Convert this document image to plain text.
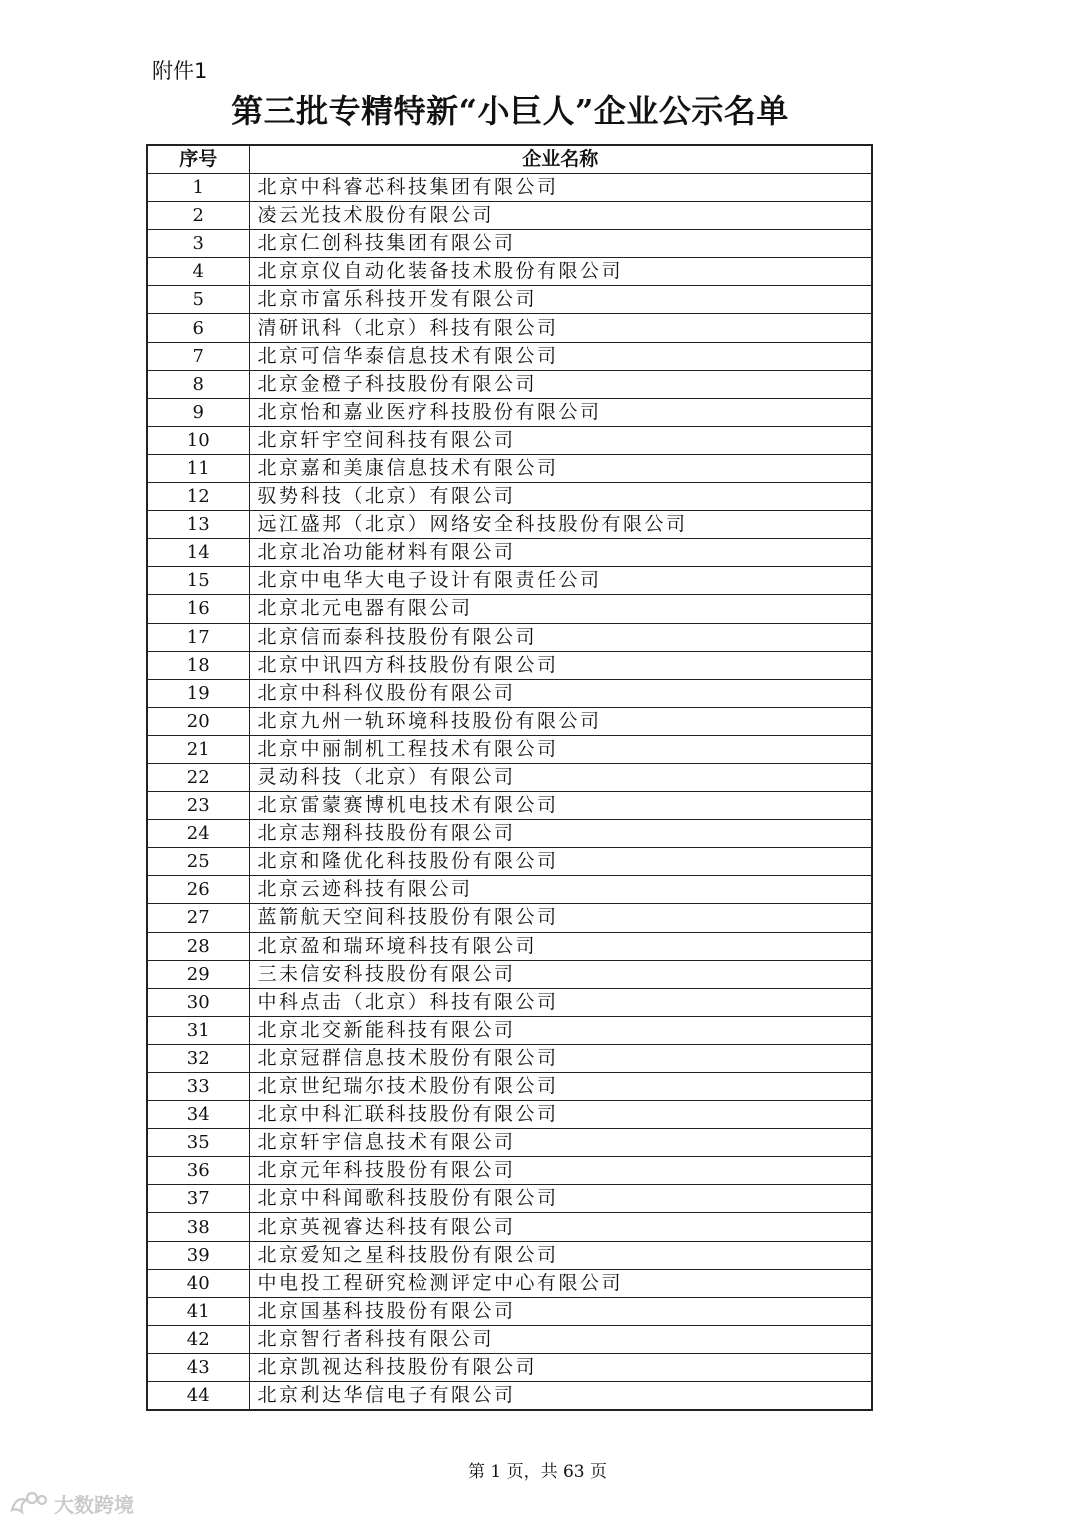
附件1
第三批专精特新“小巨人”企业公示名单
序号	企业名称
1	北京中科睿芯科技集团有限公司
2	凌云光技术股份有限公司
3	北京仁创科技集团有限公司
4	北京京仪自动化装备技术股份有限公司
5	北京市富乐科技开发有限公司
6	清研讯科（北京）科技有限公司
7	北京可信华泰信息技术有限公司
8	北京金橙子科技股份有限公司
9	北京怡和嘉业医疗科技股份有限公司
10	北京轩宇空间科技有限公司
11	北京嘉和美康信息技术有限公司
12	驭势科技（北京）有限公司
13	远江盛邦（北京）网络安全科技股份有限公司
14	北京北冶功能材料有限公司
15	北京中电华大电子设计有限责任公司
16	北京北元电器有限公司
17	北京信而泰科技股份有限公司
18	北京中讯四方科技股份有限公司
19	北京中科科仪股份有限公司
20	北京九州一轨环境科技股份有限公司
21	北京中丽制机工程技术有限公司
22	灵动科技（北京）有限公司
23	北京雷蒙赛博机电技术有限公司
24	北京志翔科技股份有限公司
25	北京和隆优化科技股份有限公司
26	北京云迹科技有限公司
27	蓝箭航天空间科技股份有限公司
28	北京盈和瑞环境科技有限公司
29	三未信安科技股份有限公司
30	中科点击（北京）科技有限公司
31	北京北交新能科技有限公司
32	北京冠群信息技术股份有限公司
33	北京世纪瑞尔技术股份有限公司
34	北京中科汇联科技股份有限公司
35	北京轩宇信息技术有限公司
36	北京元年科技股份有限公司
37	北京中科闻歌科技股份有限公司
38	北京英视睿达科技有限公司
39	北京爱知之星科技股份有限公司
40	中电投工程研究检测评定中心有限公司
41	北京国基科技股份有限公司
42	北京智行者科技有限公司
43	北京凯视达科技股份有限公司
44	北京利达华信电子有限公司
第 1 页，共 63 页
大数跨境
